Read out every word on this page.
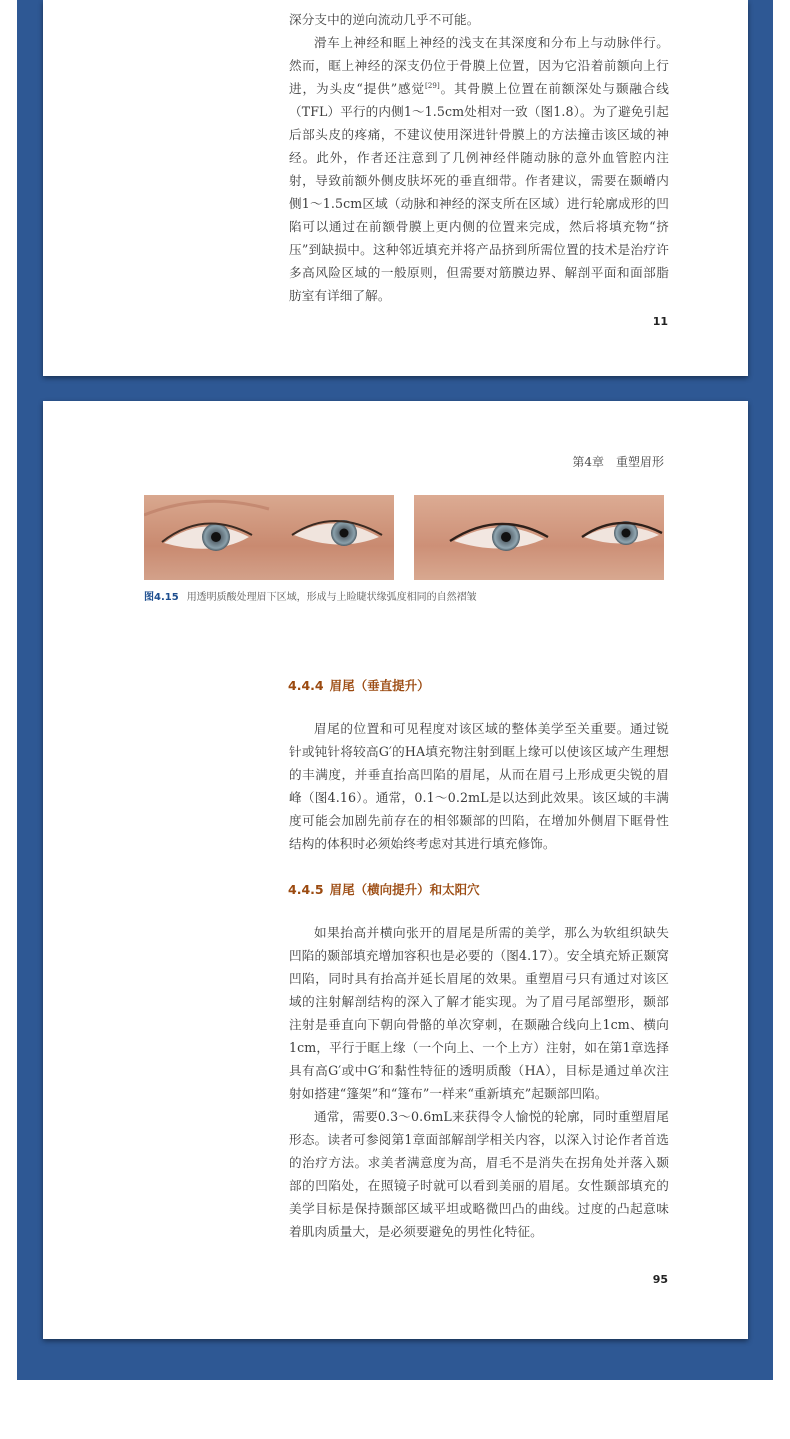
深分支中的逆向流动几乎不可能。

滑车上神经和眶上神经的浅支在其深度和分布上与动脉伴行。然而，眶上神经的深支仍位于骨膜上位置，因为它沿着前额向上行进，为头皮“提供”感觉[29]。其骨膜上位置在前额深处与颞融合线（TFL）平行的内侧1～1.5cm处相对一致（图1.8）。为了避免引起后部头皮的疼痛，不建议使用深进针骨膜上的方法撞击该区域的神经。此外，作者还注意到了几例神经伴随动脉的意外血管腔内注射，导致前额外侧皮肤坏死的垂直细带。作者建议，需要在颞嵴内侧1～1.5cm区域（动脉和神经的深支所在区域）进行轮廓成形的凹陷可以通过在前额骨膜上更内侧的位置来完成，然后将填充物“挤压”到缺损中。这种邻近填充并将产品挤到所需位置的技术是治疗许多高风险区域的一般原则，但需要对筋膜边界、解剖平面和面部脂肪室有详细了解。

11
第4章　重塑眉形
图4.15 用透明质酸处理眉下区域，形成与上睑睫状缘弧度相同的自然褶皱
4.4.4 眉尾（垂直提升）

眉尾的位置和可见程度对该区域的整体美学至关重要。通过锐针或钝针将较高G′的HA填充物注射到眶上缘可以使该区域产生理想的丰满度，并垂直抬高凹陷的眉尾，从而在眉弓上形成更尖锐的眉峰（图4.16）。通常，0.1～0.2mL是以达到此效果。该区域的丰满度可能会加剧先前存在的相邻颞部的凹陷，在增加外侧眉下眶骨性结构的体积时必须始终考虑对其进行填充修饰。

4.4.5 眉尾（横向提升）和太阳穴

如果抬高并横向张开的眉尾是所需的美学，那么为软组织缺失凹陷的颞部填充增加容积也是必要的（图4.17）。安全填充矫正颞窝凹陷，同时具有抬高并延长眉尾的效果。重塑眉弓只有通过对该区域的注射解剖结构的深入了解才能实现。为了眉弓尾部塑形，颞部注射是垂直向下朝向骨骼的单次穿刺，在颞融合线向上1cm、横向1cm，平行于眶上缘（一个向上、一个上方）注射，如在第1章选择具有高G′或中G′和黏性特征的透明质酸（HA），目标是通过单次注射如搭建“篷架”和“篷布”一样来“重新填充”起颞部凹陷。

通常，需要0.3～0.6mL来获得令人愉悦的轮廓，同时重塑眉尾形态。读者可参阅第1章面部解剖学相关内容，以深入讨论作者首选的治疗方法。求美者满意度为高，眉毛不是消失在拐角处并落入颞部的凹陷处，在照镜子时就可以看到美丽的眉尾。女性颞部填充的美学目标是保持颞部区域平坦或略微凹凸的曲线。过度的凸起意味着肌肉质量大，是必须要避免的男性化特征。

95
